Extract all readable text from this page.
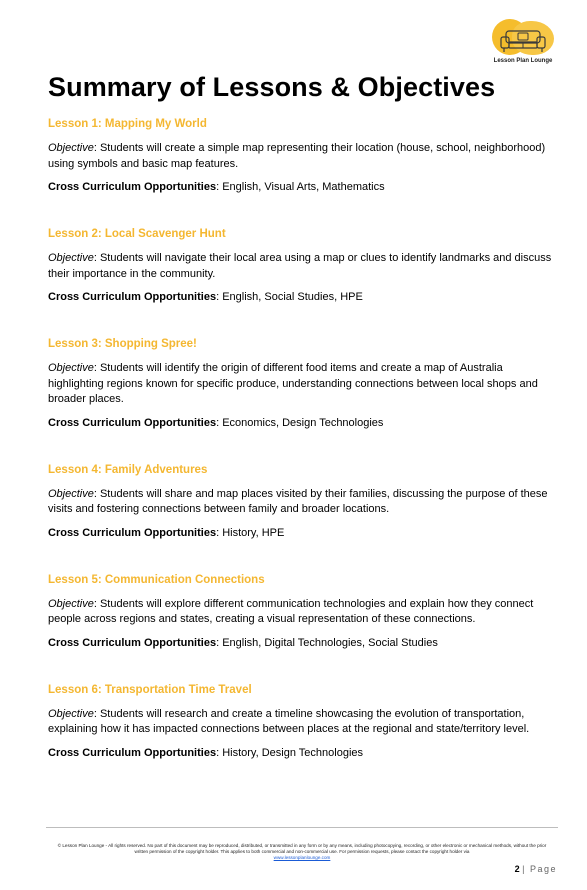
Lesson Plan Lounge
Summary of Lessons & Objectives
Lesson 1: Mapping My World

Objective: Students will create a simple map representing their location (house, school, neighborhood) using symbols and basic map features.

Cross Curriculum Opportunities: English, Visual Arts, Mathematics

Lesson 2: Local Scavenger Hunt

Objective: Students will navigate their local area using a map or clues to identify landmarks and discuss their importance in the community.

Cross Curriculum Opportunities: English, Social Studies, HPE

Lesson 3: Shopping Spree!

Objective: Students will identify the origin of different food items and create a map of Australia highlighting regions known for specific produce, understanding connections between local shops and broader places.

Cross Curriculum Opportunities: Economics, Design Technologies

Lesson 4: Family Adventures

Objective: Students will share and map places visited by their families, discussing the purpose of these visits and fostering connections between family and broader locations.

Cross Curriculum Opportunities: History, HPE

Lesson 5: Communication Connections

Objective: Students will explore different communication technologies and explain how they connect people across regions and states, creating a visual representation of these connections.

Cross Curriculum Opportunities: English, Digital Technologies, Social Studies

Lesson 6: Transportation Time Travel

Objective: Students will research and create a timeline showcasing the evolution of transportation, explaining how it has impacted connections between places at the regional and state/territory level.

Cross Curriculum Opportunities: History, Design Technologies

© Lesson Plan Lounge - All rights reserved. No part of this document may be reproduced, distributed, or transmitted in any form or by any means, including photocopying, recording, or other electronic or mechanical methods, without the prior written permission of the copyright holder. This applies to both commercial and non-commercial use. For permission requests, please contact the copyright holder via
www.lessonplanlounge.com
2 | Page
